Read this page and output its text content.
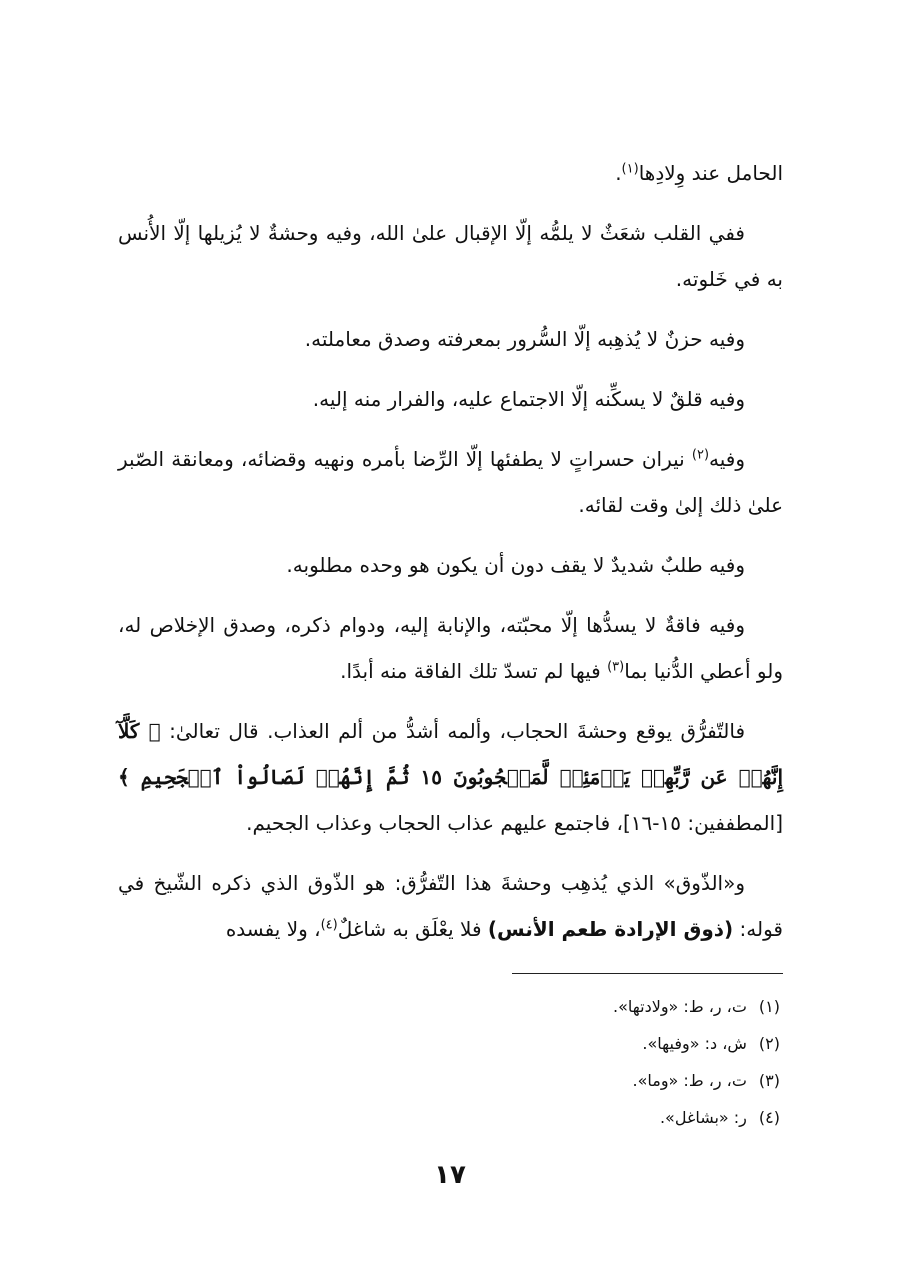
الحامل عند وِلادِها$^{(١)}$.

ففي القلب شعَثٌ لا يلمُّه إلّا الإقبال علىٰ الله، وفيه وحشةٌ لا يُزيلها إلّا الأُنس به في خَلوته.

وفيه حزنٌ لا يُذهِبه إلّا السُّرور بمعرفته وصدق معاملته.

وفيه قلقٌ لا يسكِّنه إلّا الاجتماع عليه، والفرار منه إليه.

وفيه$^{(٢)}$ نيران حسراتٍ لا يطفئها إلّا الرِّضا بأمره ونهيه وقضائه، ومعانقة الصّبر علىٰ ذلك إلىٰ وقت لقائه.

وفيه طلبٌ شديدٌ لا يقف دون أن يكون هو وحده مطلوبه.

وفيه فاقةٌ لا يسدُّها إلّا محبّته، والإنابة إليه، ودوام ذكره، وصدق الإخلاص له، ولو أعطي الدُّنيا بما$^{(٣)}$ فيها لم تسدّ تلك الفاقة منه أبدًا.

فالتّفرُّق يوقع وحشةَ الحجاب، وألمه أشدُّ من ألم العذاب. قال تعالىٰ: ﴿ كَلَّآ إِنَّهُمۡ عَن رَّبِّهِمۡ يَوۡمَئِذٖ لَّمَحۡجُوبُونَ ١٥ ثُمَّ إِنَّهُمۡ لَصَالُواْ ٱلۡجَحِيمِ ﴾ [المطففين: ١٥-١٦]، فاجتمع عليهم عذاب الحجاب وعذاب الجحيم.

و«الذّوق» الذي يُذهِب وحشةَ هذا التّفرُّق: هو الذّوق الذي ذكره الشّيخ في قوله: (ذوق الإرادة طعم الأنس) فلا يعْلَق به شاغلٌ$^{(٤)}$، ولا يفسده

(١)ت، ر، ط: «ولادتها».
(٢)ش، د: «وفيها».
(٣)ت، ر، ط: «وما».
(٤)ر: «بشاغل».
١٧
